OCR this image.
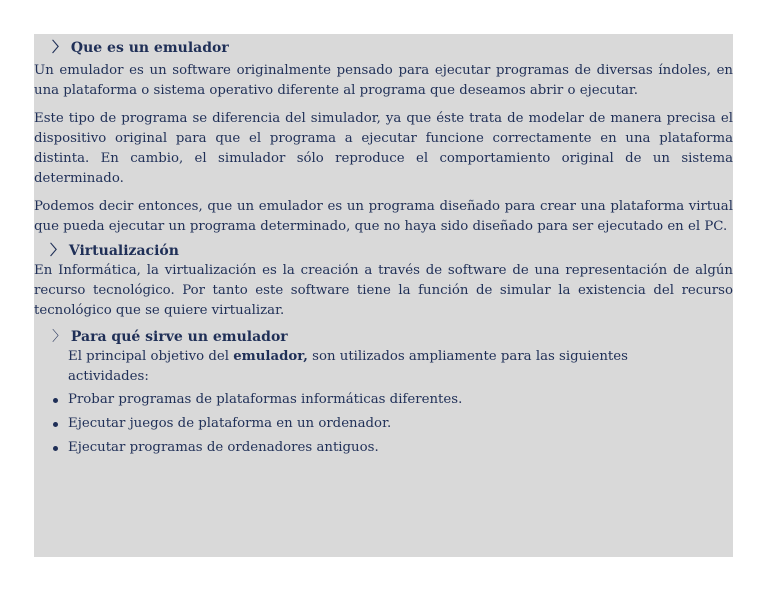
〉 Que es un emulador

Un emulador es un software originalmente pensado para ejecutar programas de diversas índoles, en una plataforma o sistema operativo diferente al programa que deseamos abrir o ejecutar.

Este tipo de programa se diferencia del simulador, ya que éste trata de modelar de manera precisa el dispositivo original para que el programa a ejecutar funcione correctamente en una plataforma distinta. En cambio, el simulador sólo reproduce el comportamiento original de un sistema determinado.

Podemos decir entonces, que un emulador es un programa diseñado para crear una plataforma virtual que pueda ejecutar un programa determinado, que no haya sido diseñado para ser ejecutado en el PC.

〉 Virtualización

En Informática, la virtualización es la creación a través de software de una representación de algún recurso tecnológico. Por tanto este software tiene la función de simular la existencia del recurso tecnológico que se quiere virtualizar.

〉 Para qué sirve un emulador

El principal objetivo del emulador, son utilizados ampliamente para las siguientes actividades:

Probar programas de plataformas informáticas diferentes.
Ejecutar juegos de plataforma en un ordenador.
Ejecutar programas de ordenadores antiguos.
